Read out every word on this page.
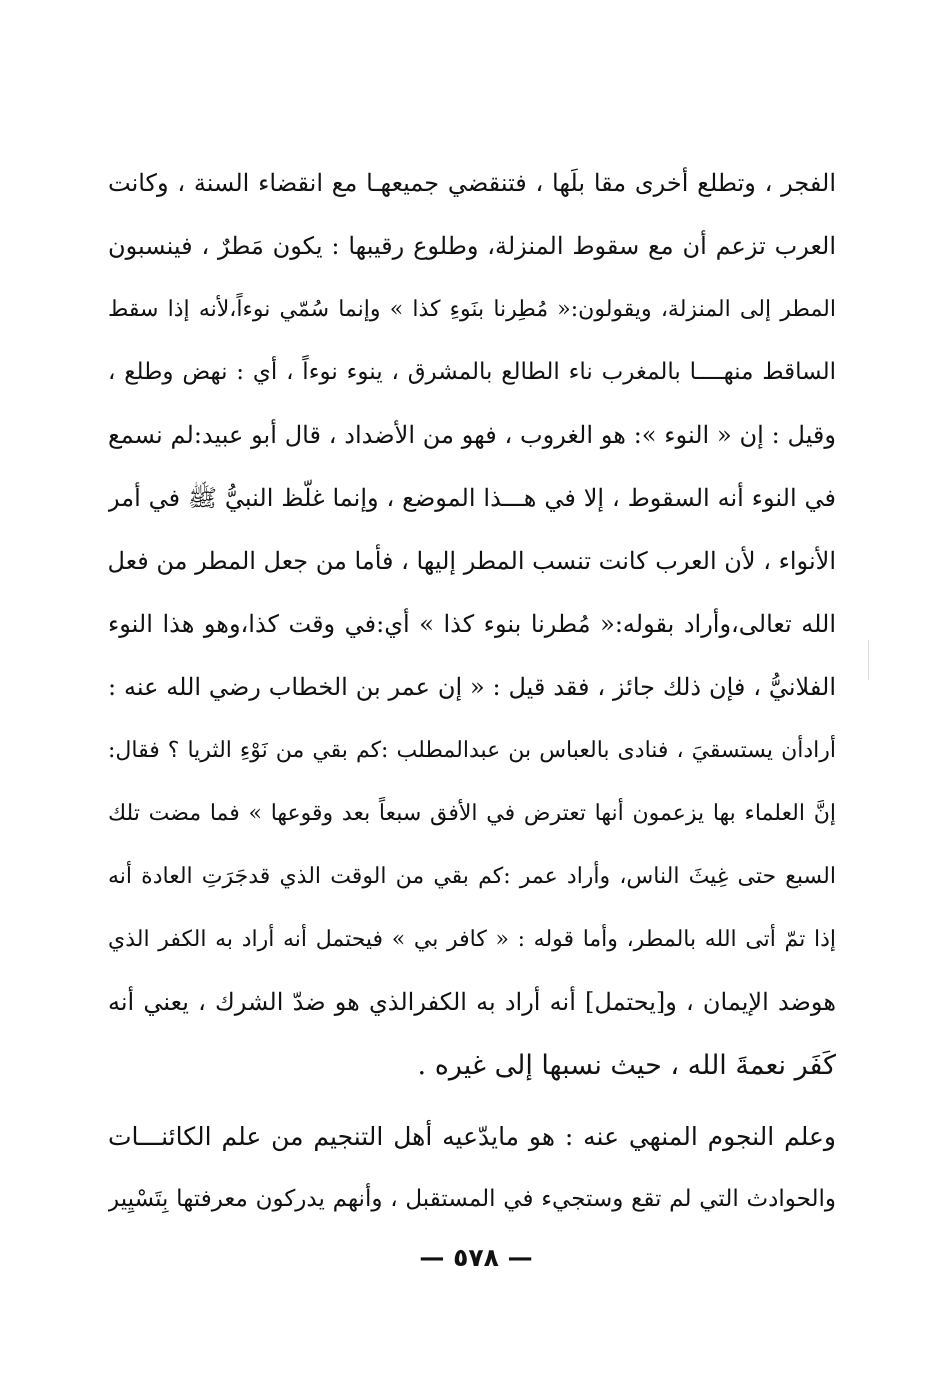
الفجر ، وتطلع أخرى مقا بلَها ، فتنقضي جميعهـا مع انقضاء السنة ، وكانت
العرب تزعم أن مع سقوط المنزلة، وطلوع رقيبها : يكون مَطرٌ ، فينسبون
المطر إلى المنزلة، ويقولون:« مُطِرنا بنَوءِ كذا » وإنما سُمّي نوءاً،لأنه إذا سقط
الساقط منهــــا بالمغرب ناء الطالع بالمشرق ، ينوء نوءاً ، أي : نهض وطلع ،
وقيل : إن « النوء »: هو الغروب ، فهو من الأضداد ، قال أبو عبيد:لم نسمع
في النوء أنه السقوط ، إلا في هـــذا الموضع ، وإنما غلّظ النبيُّ ﷺ في أمر
الأنواء ، لأن العرب كانت تنسب المطر إليها ، فأما من جعل المطر من فعل
الله تعالى،وأراد بقوله:« مُطرنا بنوء كذا » أي:في وقت كذا،وهو هذا النوء
الفلانيُّ ، فإن ذلك جائز ، فقد قيل : « إن عمر بن الخطاب رضي الله عنه :
أرادأن يستسقيَ ، فنادى بالعباس بن عبدالمطلب :كم بقي من نَوْءِ الثريا ؟ فقال:
إنَّ العلماء بها يزعمون أنها تعترض في الأفق سبعاً بعد وقوعها » فما مضت تلك
السبع حتى غِيثَ الناس، وأراد عمر :كم بقي من الوقت الذي قدجَرَتِ العادة أنه
إذا تمّ أتى الله بالمطر، وأما قوله : « كافر بي » فيحتمل أنه أراد به الكفر الذي
هوضد الإيمان ، و[يحتمل] أنه أراد به الكفرالذي هو ضدّ الشرك ، يعني أنه
كَفَر نعمةَ الله ، حيث نسبها إلى غيره .
وعلم النجوم المنهي عنه : هو مايدّعيه أهل التنجيم من علم الكائنـــات
والحوادث التي لم تقع وستجيء في المستقبل ، وأنهم يدركون معرفتها بِتَسْيِير
— ٥٧٨ —
